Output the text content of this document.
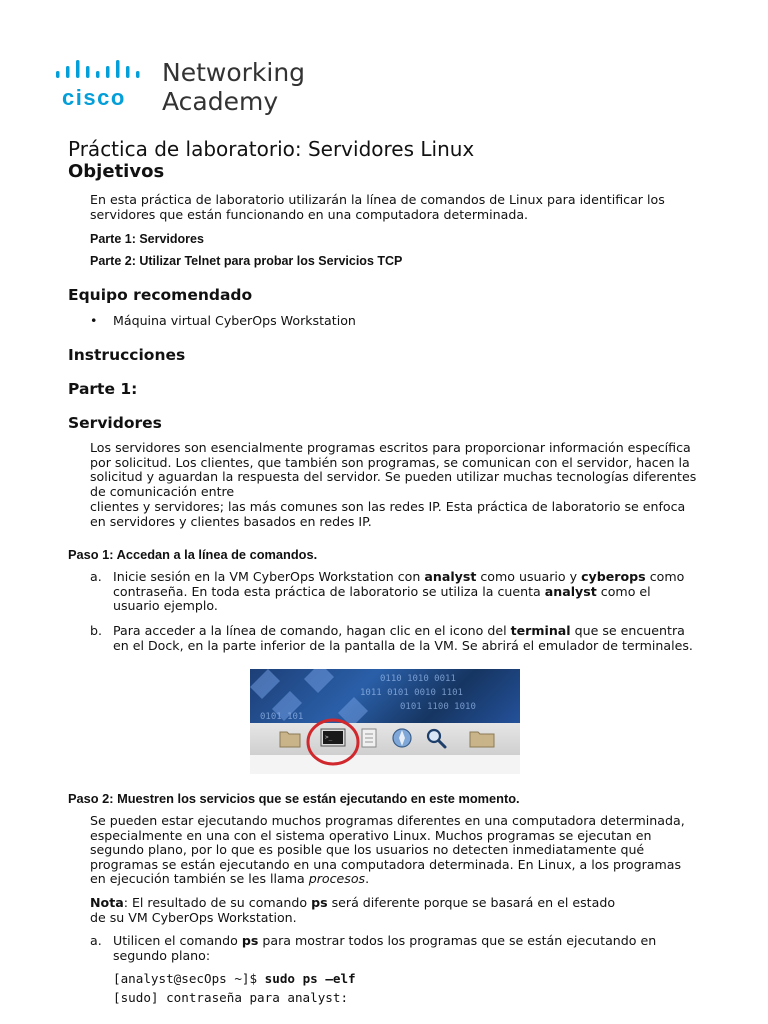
cisco
Networking
Academy
Práctica de laboratorio: Servidores Linux
Objetivos
En esta práctica de laboratorio utilizarán la línea de comandos de Linux para identificar los servidores que están funcionando en una computadora determinada.
Parte 1: Servidores
Parte 2: Utilizar Telnet para probar los Servicios TCP
Equipo recomendado
• Máquina virtual CyberOps Workstation
Instrucciones
Parte 1:
Servidores
Los servidores son esencialmente programas escritos para proporcionar información específica por solicitud. Los clientes, que también son programas, se comunican con el servidor, hacen la solicitud y aguardan la respuesta del servidor. Se pueden utilizar muchas tecnologías diferentes de comunicación entre
clientes y servidores; las más comunes son las redes IP. Esta práctica de laboratorio se enfoca en servidores y clientes basados en redes IP.
Paso 1: Accedan a la línea de comandos.
a. Inicie sesión en la VM CyberOps Workstation con analyst como usuario y cyberops como contraseña. En toda esta práctica de laboratorio se utiliza la cuenta analyst como el usuario ejemplo.
b. Para acceder a la línea de comando, hagan clic en el icono del terminal que se encuentra en el Dock, en la parte inferior de la pantalla de la VM. Se abrirá el emulador de terminales.
0110 1010 0011
1011 0101 0010 1101
0101 1100 1010
0101 101
>_
Paso 2: Muestren los servicios que se están ejecutando en este momento.
Se pueden estar ejecutando muchos programas diferentes en una computadora determinada, especialmente en una con el sistema operativo Linux. Muchos programas se ejecutan en segundo plano, por lo que es posible que los usuarios no detecten inmediatamente qué programas se están ejecutando en una computadora determinada. En Linux, a los programas en ejecución también se les llama procesos.
Nota: El resultado de su comando ps será diferente porque se basará en el estado
de su VM CyberOps Workstation.
a. Utilicen el comando ps para mostrar todos los programas que se están ejecutando en segundo plano:
[analyst@secOps ~]$ sudo ps –elf
[sudo] contraseña para analyst:
